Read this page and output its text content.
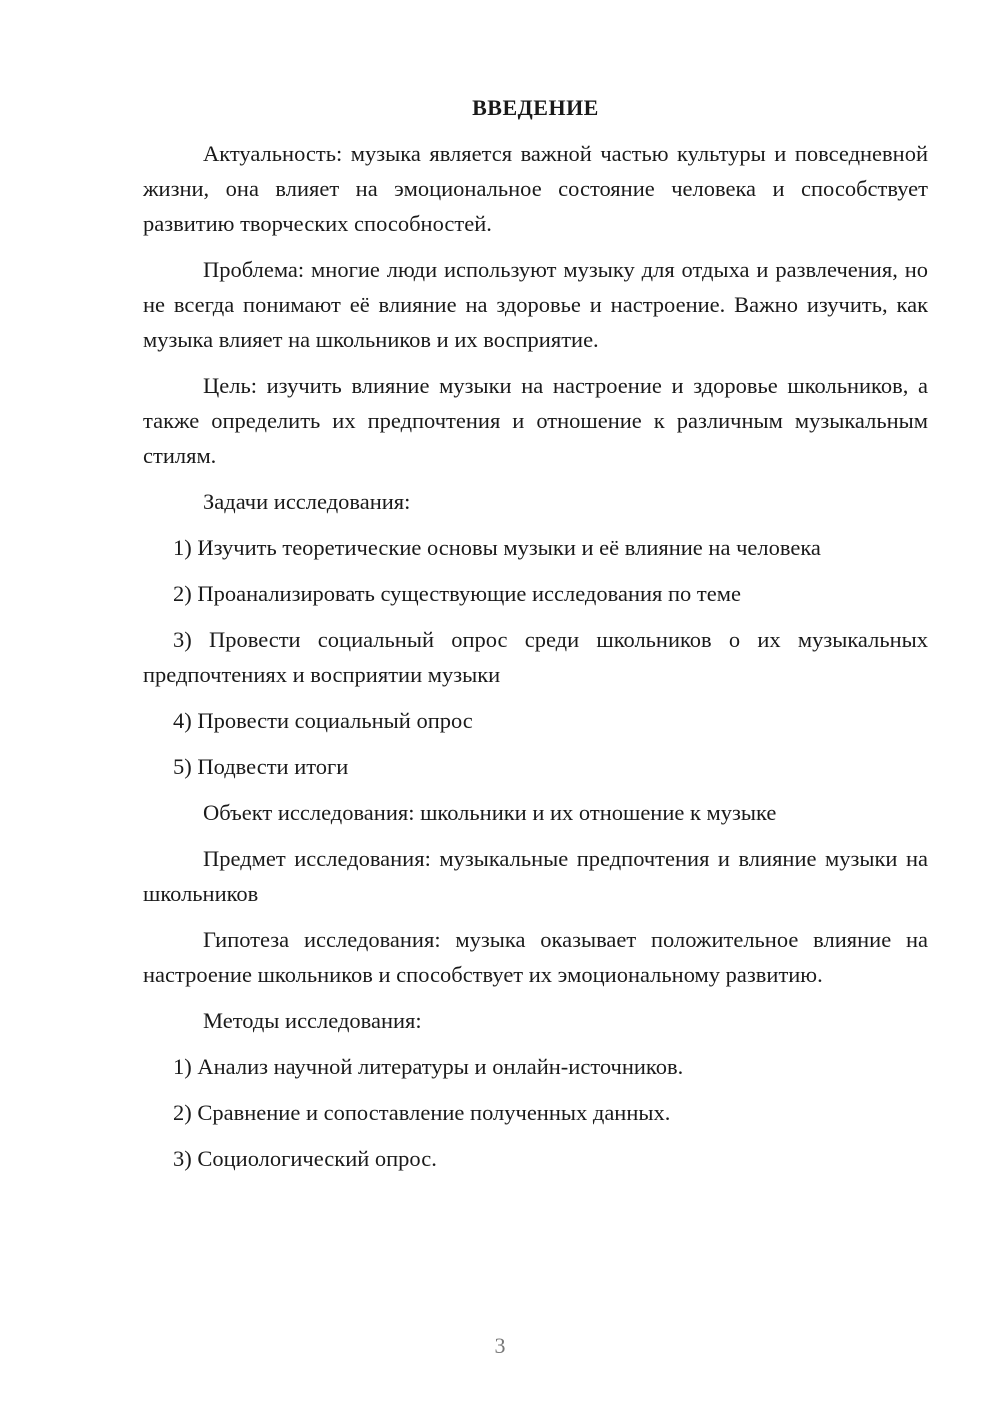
ВВЕДЕНИЕ

Актуальность: музыка является важной частью культуры и повседневной жизни, она влияет на эмоциональное состояние человека и способствует развитию творческих способностей.

Проблема: многие люди используют музыку для отдыха и развлечения, но не всегда понимают её влияние на здоровье и настроение. Важно изучить, как музыка влияет на школьников и их восприятие.

Цель: изучить влияние музыки на настроение и здоровье школьников, а также определить их предпочтения и отношение к различным музыкальным стилям.

Задачи исследования:

1) Изучить теоретические основы музыки и её влияние на человека

2) Проанализировать существующие исследования по теме

3) Провести социальный опрос среди школьников о их музыкальных предпочтениях и восприятии музыки

4) Провести социальный опрос

5) Подвести итоги

Объект исследования: школьники и их отношение к музыке

Предмет исследования: музыкальные предпочтения и влияние музыки на школьников

Гипотеза исследования: музыка оказывает положительное влияние на настроение школьников и способствует их эмоциональному развитию.

Методы исследования:

1) Анализ научной литературы и онлайн-источников.

2) Сравнение и сопоставление полученных данных.

3) Социологический опрос.

3
